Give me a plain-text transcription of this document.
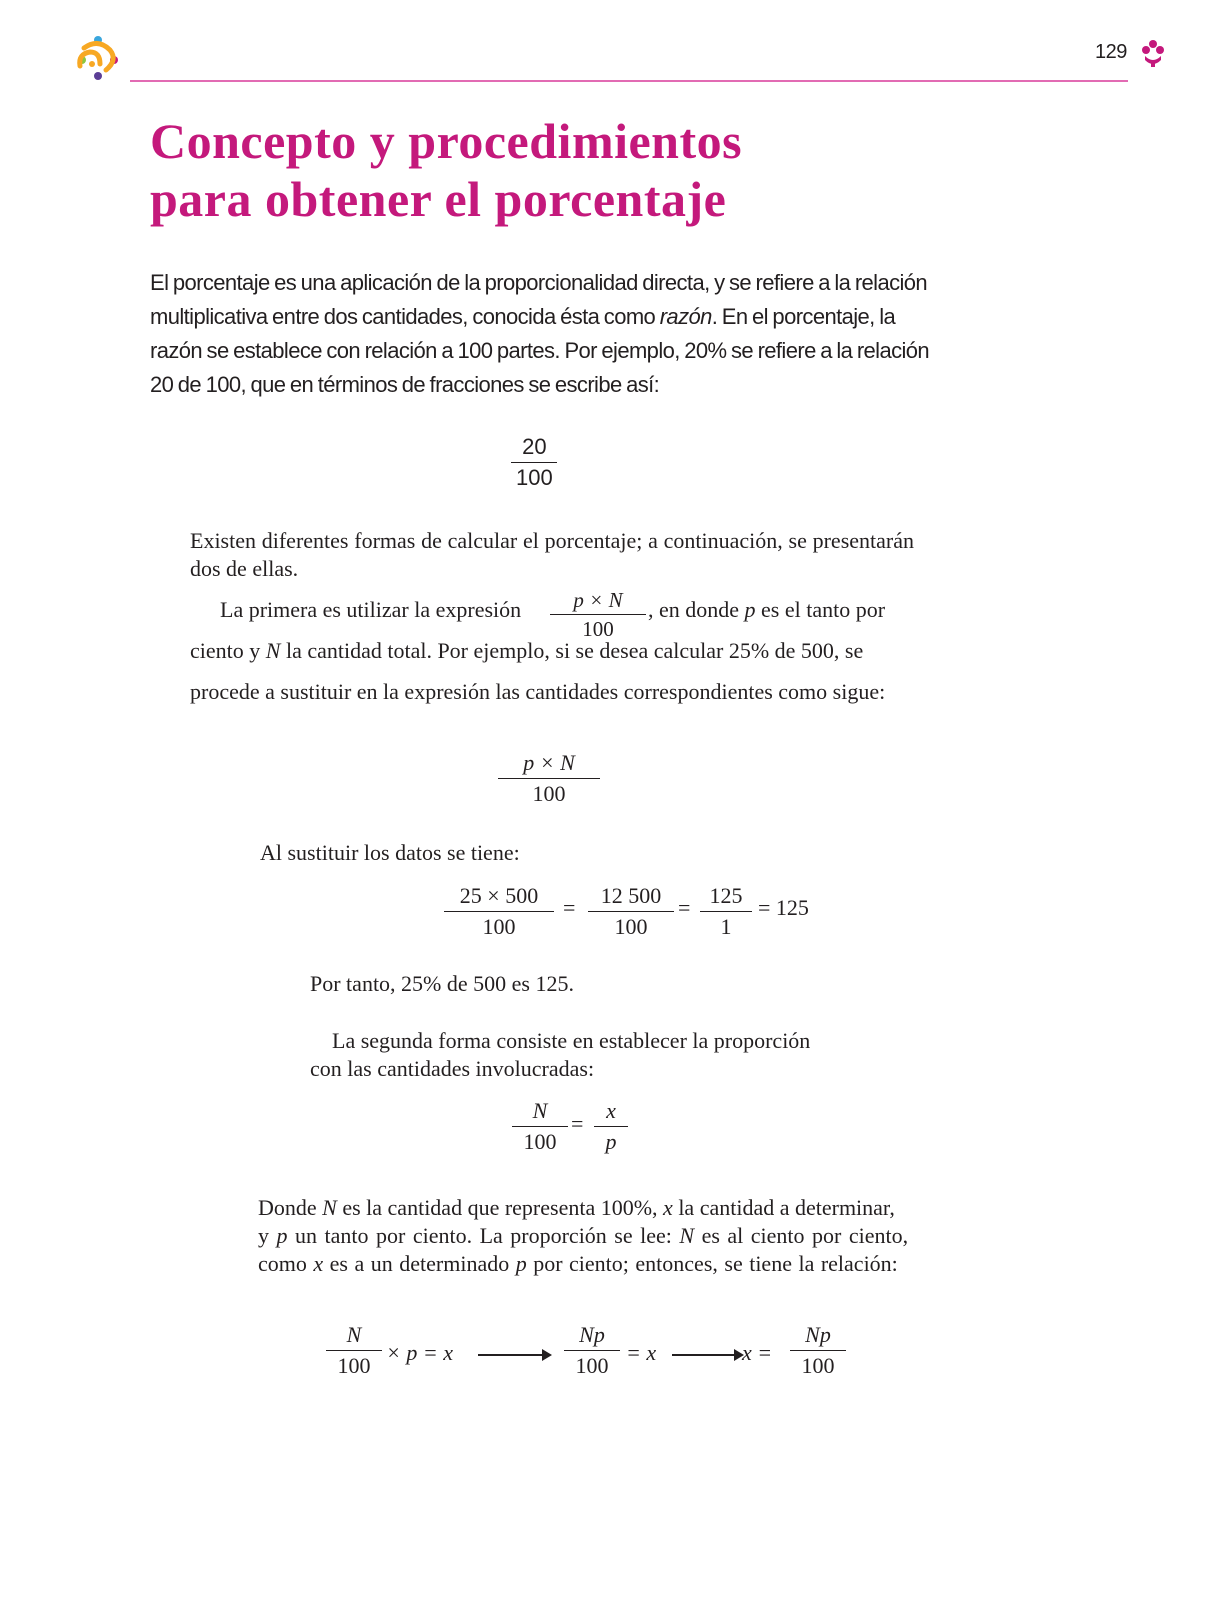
129
Concepto y procedimientos
para obtener el porcentaje

El porcentaje es una aplicación de la proporcionalidad directa, y se refiere a la relación multiplicativa entre dos cantidades, conocida ésta como razón. En el porcentaje, la razón se establece con relación a 100 partes. Por ejemplo, 20% se refiere a la relación 20 de 100, que en términos de fracciones se escribe así:

$\frac{20}{100}$

Existen diferentes formas de calcular el porcentaje; a continuación, se presentarán dos de ellas.

La primera es utilizar la expresión $\frac{p \times N}{100}$ , en donde p es el tanto por
ciento y N la cantidad total. Por ejemplo, si se desea calcular 25% de 500, se
procede a sustituir en la expresión las cantidades correspondientes como sigue:
$\frac{p \times N}{100}$
Al sustituir los datos se tiene:
$\frac{25 \times 500}{100} = \frac{12 500}{100} = \frac{125}{1} = 125$
Por tanto, 25% de 500 es 125.
La segunda forma consiste en establecer la proporción
con las cantidades involucradas:
$\frac{N}{100} = \frac{x}{p}$
Donde N es la cantidad que representa 100%, x la cantidad a determinar,
y p un tanto por ciento. La proporción se lee: N es al ciento por ciento,
como x es a un determinado p por ciento; entonces, se tiene la relación:
$\frac{N}{100} \times p = x$	$\frac{Np}{100} = x$	$x = \frac{Np}{100}$
